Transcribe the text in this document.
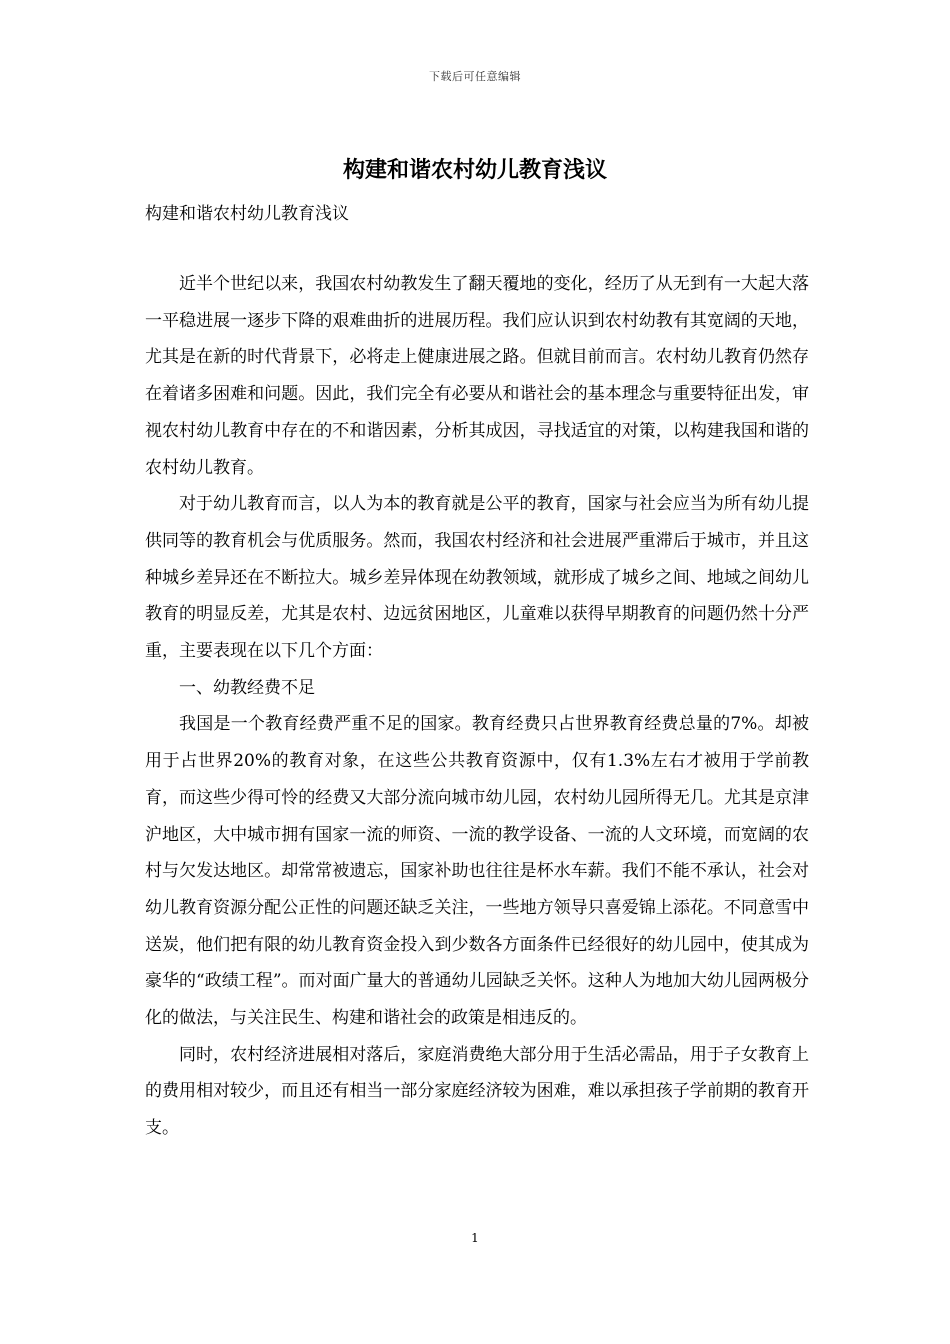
下载后可任意编辑
构建和谐农村幼儿教育浅议
构建和谐农村幼儿教育浅议

近半个世纪以来，我国农村幼教发生了翻天覆地的变化，经历了从无到有一大起大落一平稳进展一逐步下降的艰难曲折的进展历程。我们应认识到农村幼教有其宽阔的天地，尤其是在新的时代背景下，必将走上健康进展之路。但就目前而言。农村幼儿教育仍然存在着诸多困难和问题。因此，我们完全有必要从和谐社会的基本理念与重要特征出发，审视农村幼儿教育中存在的不和谐因素，分析其成因，寻找适宜的对策，以构建我国和谐的农村幼儿教育。

对于幼儿教育而言，以人为本的教育就是公平的教育，国家与社会应当为所有幼儿提供同等的教育机会与优质服务。然而，我国农村经济和社会进展严重滞后于城市，并且这种城乡差异还在不断拉大。城乡差异体现在幼教领域，就形成了城乡之间、地域之间幼儿教育的明显反差，尤其是农村、边远贫困地区，儿童难以获得早期教育的问题仍然十分严重，主要表现在以下几个方面：

一、幼教经费不足

我国是一个教育经费严重不足的国家。教育经费只占世界教育经费总量的7%。却被用于占世界20%的教育对象，在这些公共教育资源中，仅有1.3%左右才被用于学前教育，而这些少得可怜的经费又大部分流向城市幼儿园，农村幼儿园所得无几。尤其是京津沪地区，大中城市拥有国家一流的师资、一流的教学设备、一流的人文环境，而宽阔的农村与欠发达地区。却常常被遗忘，国家补助也往往是杯水车薪。我们不能不承认，社会对幼儿教育资源分配公正性的问题还缺乏关注，一些地方领导只喜爱锦上添花。不同意雪中送炭，他们把有限的幼儿教育资金投入到少数各方面条件已经很好的幼儿园中，使其成为豪华的“政绩工程”。而对面广量大的普通幼儿园缺乏关怀。这种人为地加大幼儿园两极分化的做法，与关注民生、构建和谐社会的政策是相违反的。

同时，农村经济进展相对落后，家庭消费绝大部分用于生活必需品，用于子女教育上的费用相对较少，而且还有相当一部分家庭经济较为困难，难以承担孩子学前期的教育开支。

1
